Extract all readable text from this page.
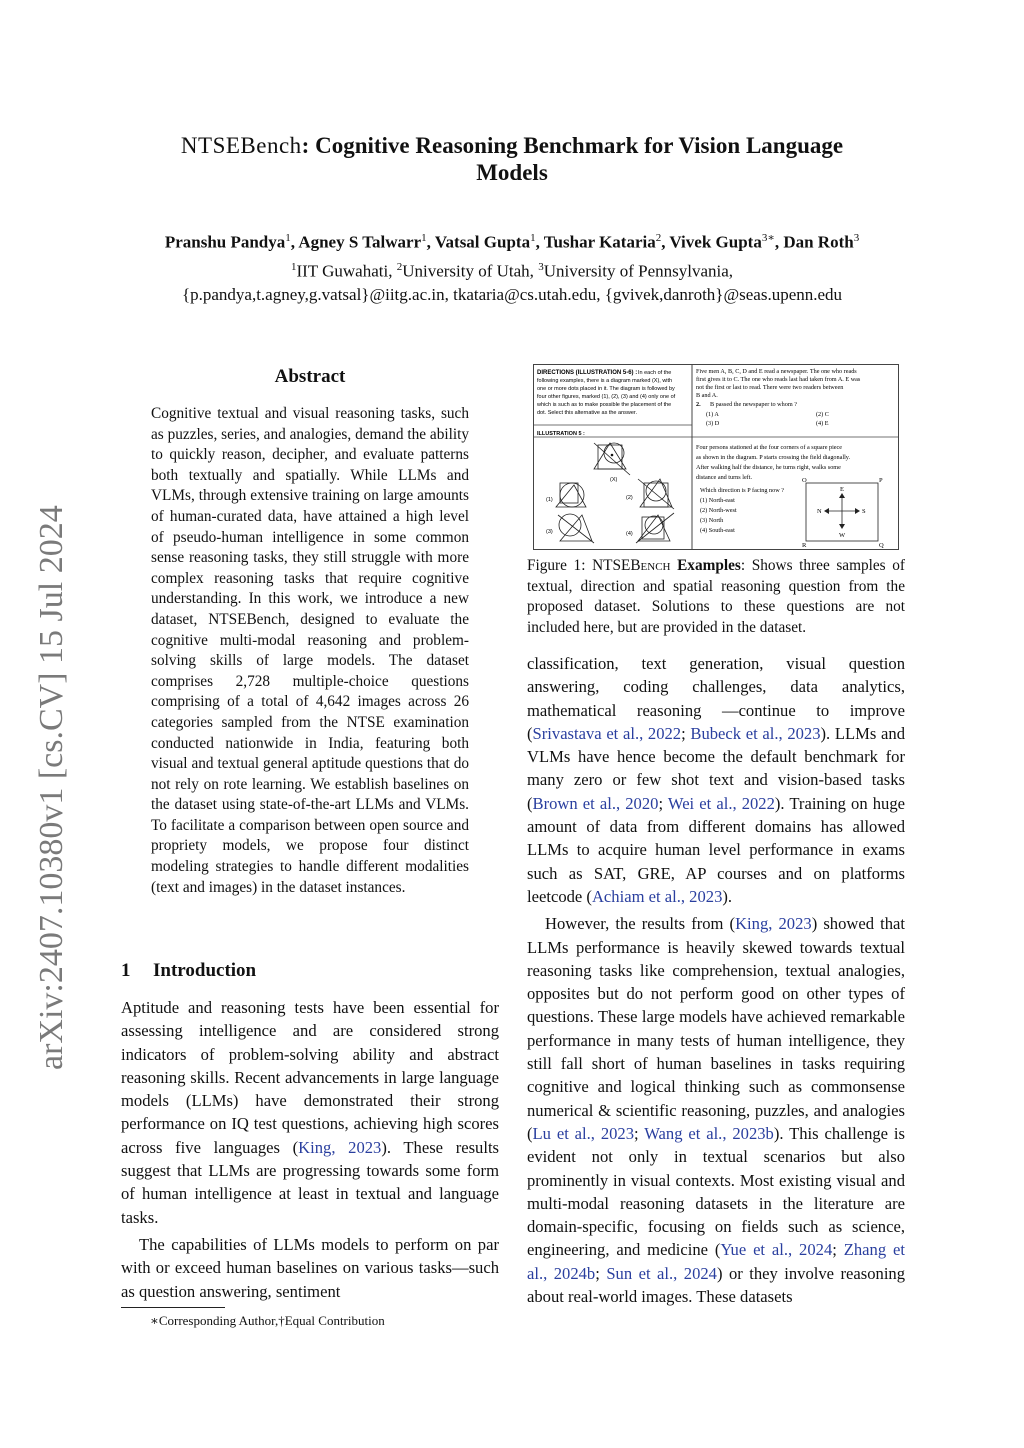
NTSEBench: Cognitive Reasoning Benchmark for Vision Language
Models
Pranshu Pandya$^1$, Agney S Talwarr$^1$, Vatsal Gupta$^1$, Tushar Kataria$^2$, Vivek Gupta$^{3∗}$, Dan Roth$^3$
$^1$IIT Guwahati, $^2$University of Utah, $^3$University of Pennsylvania,
{p.pandya,t.agney,g.vatsal}@iitg.ac.in, tkataria@cs.utah.edu, {gvivek,danroth}@seas.upenn.edu
arXiv:2407.10380v1 [cs.CV] 15 Jul 2024
Abstract
Cognitive textual and visual reasoning tasks, such as puzzles, series, and analogies, demand the ability to quickly reason, decipher, and evaluate patterns both textually and spatially. While LLMs and VLMs, through extensive training on large amounts of human-curated data, have attained a high level of pseudo-human intelligence in some common sense reasoning tasks, they still struggle with more complex reasoning tasks that require cognitive understanding. In this work, we introduce a new dataset, NTSEBench, designed to evaluate the cognitive multi-modal reasoning and problem-solving skills of large models. The dataset comprises 2,728 multiple-choice questions comprising of a total of 4,642 images across 26 categories sampled from the NTSE examination conducted nationwide in India, featuring both visual and textual general aptitude questions that do not rely on rote learning. We establish baselines on the dataset using state-of-the-art LLMs and VLMs. To facilitate a comparison between open source and propriety models, we propose four distinct modeling strategies to handle different modalities (text and images) in the dataset instances.
1 Introduction

Aptitude and reasoning tests have been essential for assessing intelligence and are considered strong indicators of problem-solving ability and abstract reasoning skills. Recent advancements in large language models (LLMs) have demonstrated their strong performance on IQ test questions, achieving high scores across five languages (King, 2023). These results suggest that LLMs are progressing towards some form of human intelligence at least in textual and language tasks.

The capabilities of LLMs models to perform on par with or exceed human baselines on various tasks—such as question answering, sentiment

∗Corresponding Author,†Equal Contribution
DIRECTIONS (ILLUSTRATION 5-6) : In each of the
following examples, there is a diagram marked (X), with
one or more dots placed in it. The diagram is followed by
four other figures, marked (1), (2), (3) and (4) only one of
which is such as to make possible the placement of the
dot. Select this alternative as the answer.
ILLUSTRATION 5 :
(X)
(1)	(2)
(3)	(4)
Five men A, B, C, D and E read a newspaper. The one who reads
first gives it to C. The one who reads last had taken from A. E was
not the first or last to read. There were two readers between
B and A.
2. B passed the newspaper to whom ?
(1) A	(2) C
(3) D	(4) E
Four persons stationed at the four corners of a square piece
as shown in the diagram. P starts crossing the field diagonally.
After walking half the distance, he turns right, walks some
distance and turns left.
Which direction is P facing now ?
(1) North-east
(2) North-west
(3) North
(4) South-east
O	P
R	Q
N	S
E
W
Figure 1: NTSEBench Examples: Shows three samples of textual, direction and spatial reasoning question from the proposed dataset. Solutions to these questions are not included here, but are provided in the dataset.

classification, text generation, visual question answering, coding challenges, data analytics, mathematical reasoning —continue to improve (Srivastava et al., 2022; Bubeck et al., 2023). LLMs and VLMs have hence become the default benchmark for many zero or few shot text and vision-based tasks (Brown et al., 2020; Wei et al., 2022). Training on huge amount of data from different domains has allowed LLMs to acquire human level performance in exams such as SAT, GRE, AP courses and on platforms leetcode (Achiam et al., 2023).

However, the results from (King, 2023) showed that LLMs performance is heavily skewed towards textual reasoning tasks like comprehension, textual analogies, opposites but do not perform good on other types of questions. These large models have achieved remarkable performance in many tests of human intelligence, they still fall short of human baselines in tasks requiring cognitive and logical thinking such as commonsense numerical & scientific reasoning, puzzles, and analogies (Lu et al., 2023; Wang et al., 2023b). This challenge is evident not only in textual scenarios but also prominently in visual contexts. Most existing visual and multi-modal reasoning datasets in the literature are domain-specific, focusing on fields such as science, engineering, and medicine (Yue et al., 2024; Zhang et al., 2024b; Sun et al., 2024) or they involve reasoning about real-world images. These datasets
